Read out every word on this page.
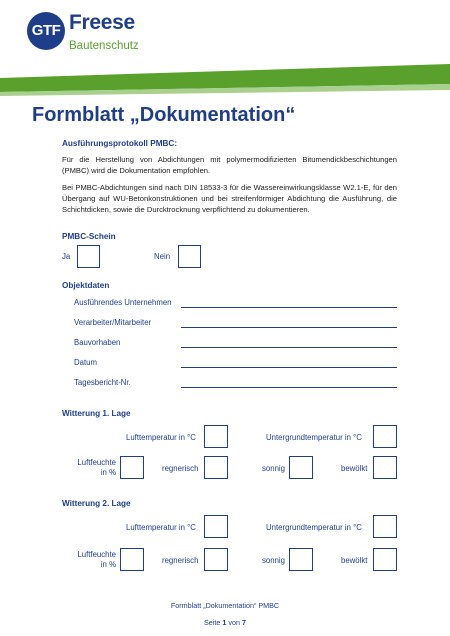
GTF Freese
Bautenschutz
Formblatt „Dokumentation“
Ausführungsprotokoll PMBC:
Für die Herstellung von Abdichtungen mit polymermodifizierten Bitumendickbeschichtungen (PMBC) wird die Dokumentation empfohlen.
Bei PMBC-Abdichtungen sind nach DIN 18533-3 für die Wassereinwirkungsklasse W2.1-E, für den Übergang auf WU-Betonkonstruktionen und bei streifenförmiger Abdichtung die Ausführung, die Schichtdicken, sowie die Durcktrocknung verpflichtend zu dokumentieren.
PMBC-Schein
Ja	Nein
Objektdaten
Ausführendes Unternehmen
Verarbeiter/Mitarbeiter
Bauvorhaben
Datum
Tagesbericht-Nr.
Witterung 1. Lage
Lufttemperatur in °C	Untergrundtemperatur in °C
Luftfeuchte
in %	regnerisch	sonnig	bewölkt
Witterung 2. Lage
Lufttemperatur in °C	Untergrundtemperatur in °C
Luftfeuchte
in %	regnerisch	sonnig	bewölkt
Formblatt „Dokumentation“ PMBC
Seite 1 von 7
